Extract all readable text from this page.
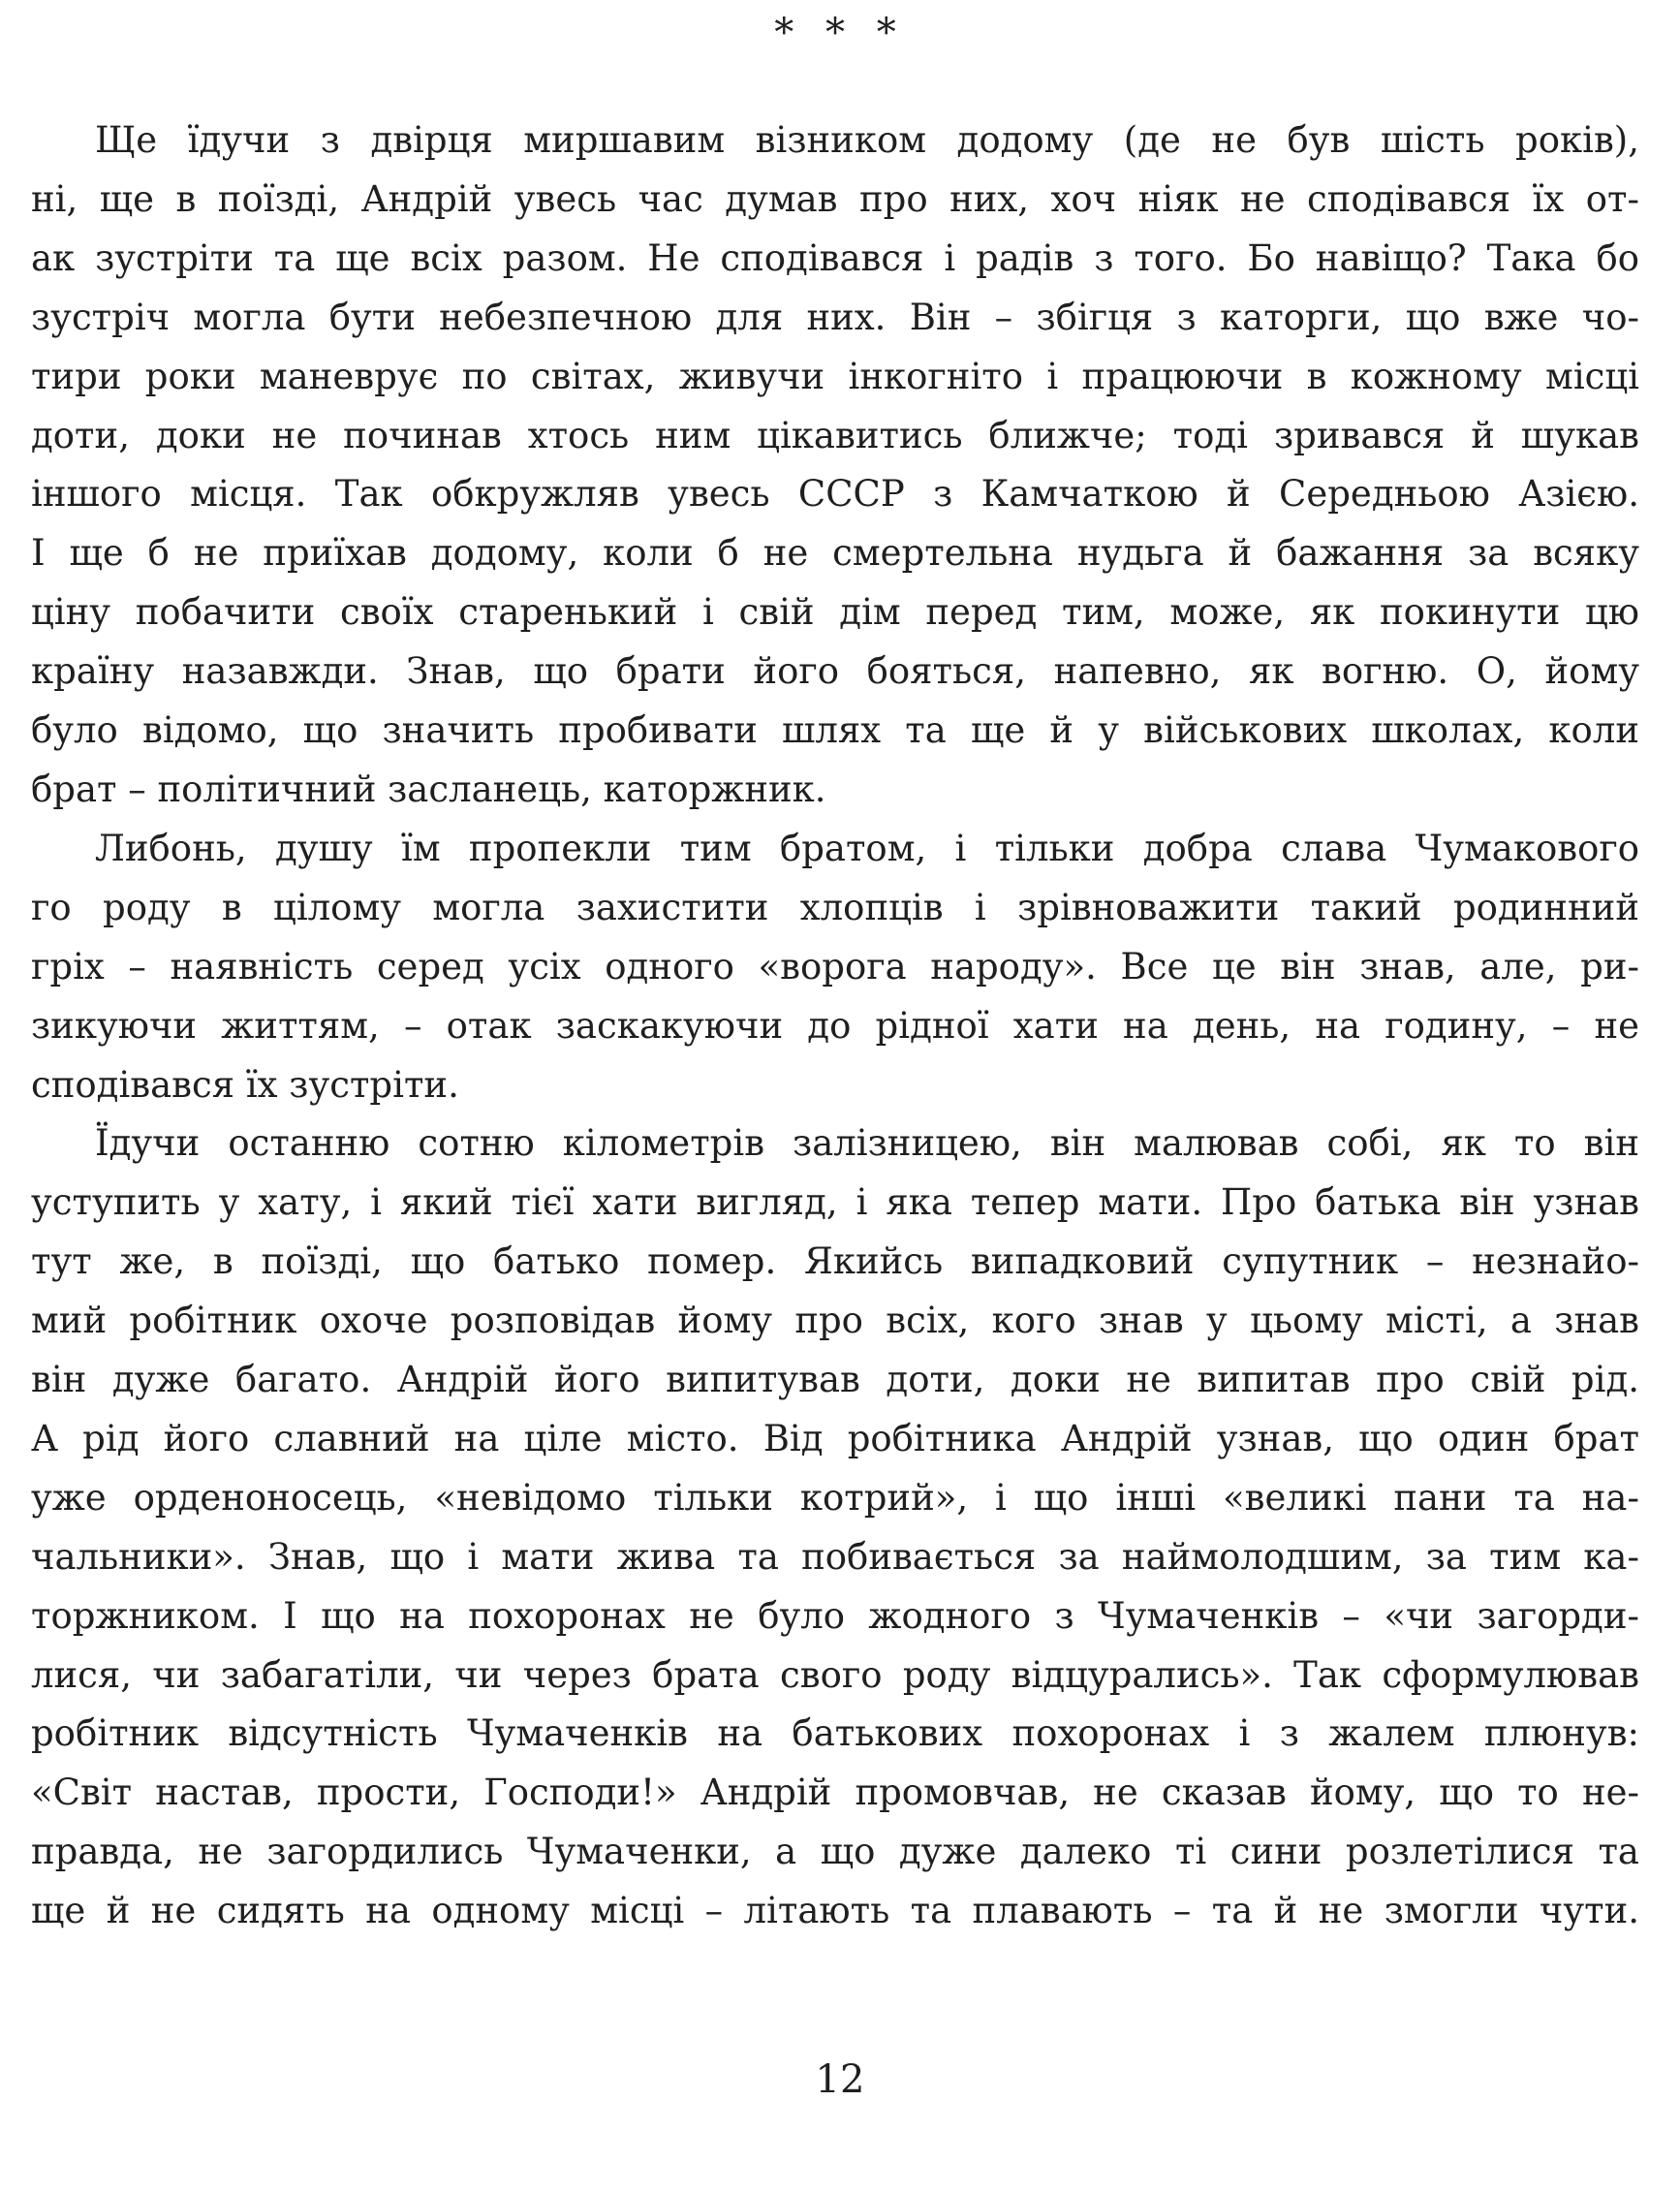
* * *

Ще їдучи з двірця миршавим візником додому (де не був шість років),
ні, ще в поїзді, Андрій увесь час думав про них, хоч ніяк не сподівався їх от-
ак зустріти та ще всіх разом. Не сподівався і радів з того. Бо навіщо? Така бо
зустріч могла бути небезпечною для них. Він – збігця з каторги, що вже чо-
тири роки маневрує по світах, живучи інкогніто і працюючи в кожному місці
доти, доки не починав хтось ним цікавитись ближче; тоді зривався й шукав
іншого місця. Так обкружляв увесь СССР з Камчаткою й Середньою Азією.
І ще б не приїхав додому, коли б не смертельна нудьга й бажання за всяку
ціну побачити своїх старенький і свій дім перед тим, може, як покинути цю
країну назавжди. Знав, що брати його бояться, напевно, як вогню. О, йому
було відомо, що значить пробивати шлях та ще й у військових школах, коли
брат – політичний засланець, каторжник.

Либонь, душу їм пропекли тим братом, і тільки добра слава Чумакового
го роду в цілому могла захистити хлопців і зрівноважити такий родинний
гріх – наявність серед усіх одного «ворога народу». Все це він знав, але, ри-
зикуючи життям, – отак заскакуючи до рідної хати на день, на годину, – не
сподівався їх зустріти.

Їдучи останню сотню кілометрів залізницею, він малював собі, як то він
уступить у хату, і який тієї хати вигляд, і яка тепер мати. Про батька він узнав
тут же, в поїзді, що батько помер. Якийсь випадковий супутник – незнайо-
мий робітник охоче розповідав йому про всіх, кого знав у цьому місті, а знав
він дуже багато. Андрій його випитував доти, доки не випитав про свій рід.
А рід його славний на ціле місто. Від робітника Андрій узнав, що один брат
уже орденоносець, «невідомо тільки котрий», і що інші «великі пани та на-
чальники». Знав, що і мати жива та побивається за наймолодшим, за тим ка-
торжником. І що на похоронах не було жодного з Чумаченків – «чи загорди-
лися, чи забагатіли, чи через брата свого роду відцурались». Так сформулював
робітник відсутність Чумаченків на батькових похоронах і з жалем плюнув:
«Світ настав, прости, Господи!» Андрій промовчав, не сказав йому, що то не-
правда, не загордились Чумаченки, а що дуже далеко ті сини розлетілися та
ще й не сидять на одному місці – літають та плавають – та й не змогли чути.

12
